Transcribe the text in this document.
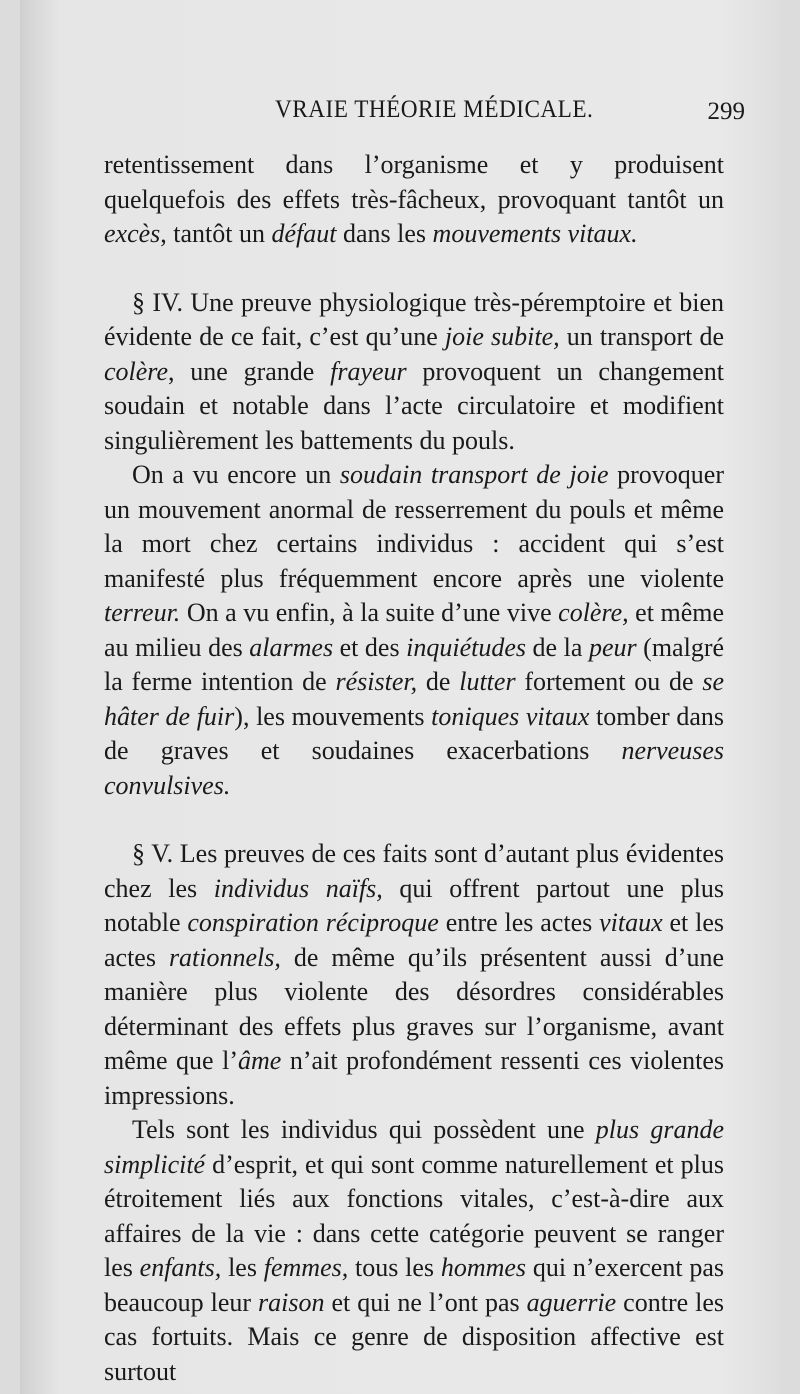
VRAIE THÉORIE MÉDICALE.	299

retentissement dans l’organisme et y produisent quelquefois des effets très-fâcheux, provoquant tantôt un excès, tantôt un défaut dans les mouvements vitaux.

§ IV. Une preuve physiologique très-péremptoire et bien évidente de ce fait, c’est qu’une joie subite, un transport de colère, une grande frayeur provoquent un changement soudain et notable dans l’acte circulatoire et modifient singulièrement les battements du pouls.

On a vu encore un soudain transport de joie provoquer un mouvement anormal de resserrement du pouls et même la mort chez certains individus : accident qui s’est manifesté plus fréquemment encore après une violente terreur. On a vu enfin, à la suite d’une vive colère, et même au milieu des alarmes et des inquiétudes de la peur (malgré la ferme intention de résister, de lutter fortement ou de se hâter de fuir), les mouvements toniques vitaux tomber dans de graves et soudaines exacerbations nerveuses convulsives.

§ V. Les preuves de ces faits sont d’autant plus évidentes chez les individus naïfs, qui offrent partout une plus notable conspiration réciproque entre les actes vitaux et les actes rationnels, de même qu’ils présentent aussi d’une manière plus violente des désordres considérables déterminant des effets plus graves sur l’organisme, avant même que l’âme n’ait profondément ressenti ces violentes impressions.

Tels sont les individus qui possèdent une plus grande simplicité d’esprit, et qui sont comme naturellement et plus étroitement liés aux fonctions vitales, c’est-à-dire aux affaires de la vie : dans cette catégorie peuvent se ranger les enfants, les femmes, tous les hommes qui n’exercent pas beaucoup leur raison et qui ne l’ont pas aguerrie contre les cas fortuits. Mais ce genre de disposition affective est surtout
